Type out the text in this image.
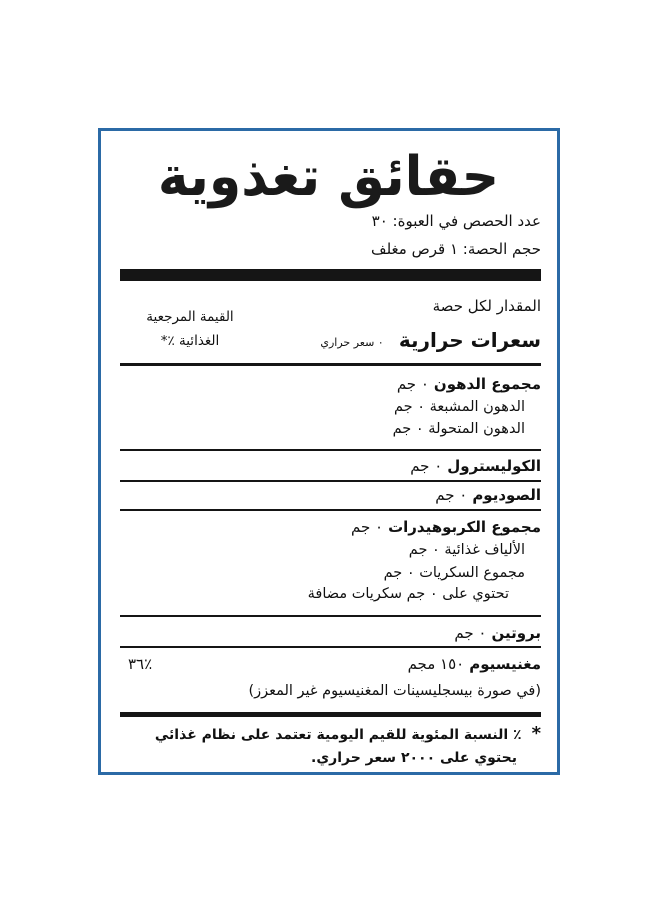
حقائق تغذوية
عدد الحصص في العبوة: ٣٠
حجم الحصة: ١ قرص مغلف
المقدار لكل حصة
سعرات حرارية ٠ سعر حراري
القيمة المرجعية
الغذائية ٪*
مجموع الدهون٠ جم
الدهون المشبعة ٠ جم
الدهون المتحولة ٠ جم
الكوليسترول٠ جم
الصوديوم٠ جم
مجموع الكربوهيدرات٠ جم
الألياف غذائية ٠ جم
مجموع السكريات ٠ جم
تحتوي على ٠ جم سكريات مضافة
بروتين٠ جم
مغنيسيوم١٥٠ مجم
٪٣٦
(في صورة بيسجليسينات المغنيسيوم غير المعزز)
*٪ النسبة المئوية للقيم اليومية تعتمد على نظام غذائي
يحتوي على ٢٠٠٠ سعر حراري.
